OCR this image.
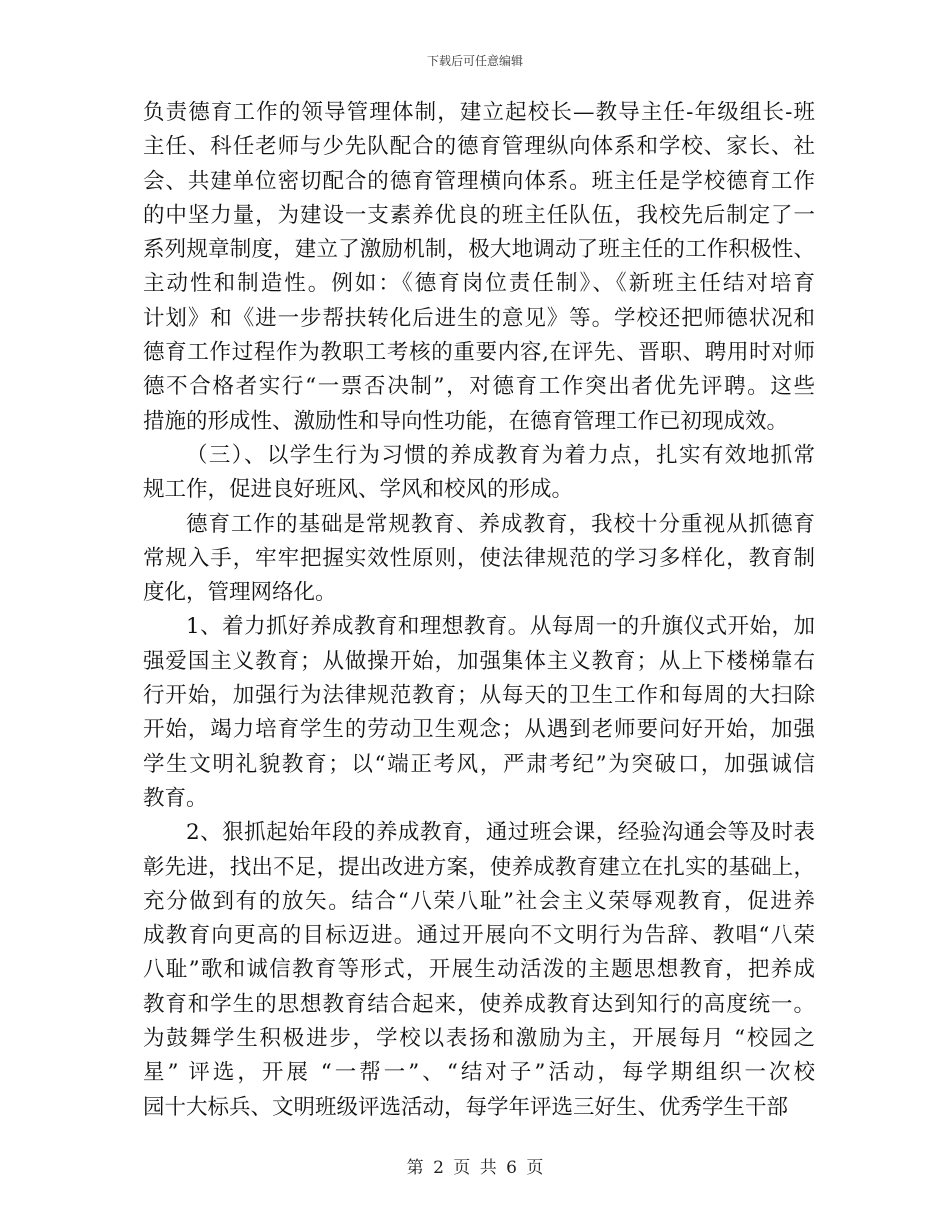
下载后可任意编辑
负责德育工作的领导管理体制，建立起校长—教导主任-年级组长-班
主任、科任老师与少先队配合的德育管理纵向体系和学校、家长、社
会、共建单位密切配合的德育管理横向体系。班主任是学校德育工作
的中坚力量，为建设一支素养优良的班主任队伍，我校先后制定了一
系列规章制度，建立了激励机制，极大地调动了班主任的工作积极性、
主动性和制造性。例如：《德育岗位责任制》、《新班主任结对培育
计划》和《进一步帮扶转化后进生的意见》等。学校还把师德状况和
德育工作过程作为教职工考核的重要内容,在评先、晋职、聘用时对师
德不合格者实行“一票否决制”，对德育工作突出者优先评聘。这些
措施的形成性、激励性和导向性功能，在德育管理工作已初现成效。
（三）、以学生行为习惯的养成教育为着力点，扎实有效地抓常
规工作，促进良好班风、学风和校风的形成。
德育工作的基础是常规教育、养成教育，我校十分重视从抓德育
常规入手，牢牢把握实效性原则，使法律规范的学习多样化，教育制
度化，管理网络化。
1、着力抓好养成教育和理想教育。从每周一的升旗仪式开始，加
强爱国主义教育；从做操开始，加强集体主义教育；从上下楼梯靠右
行开始，加强行为法律规范教育；从每天的卫生工作和每周的大扫除
开始，竭力培育学生的劳动卫生观念；从遇到老师要问好开始，加强
学生文明礼貌教育；以“端正考风，严肃考纪”为突破口，加强诚信
教育。
2、狠抓起始年段的养成教育，通过班会课，经验沟通会等及时表
彰先进，找出不足，提出改进方案，使养成教育建立在扎实的基础上，
充分做到有的放矢。结合“八荣八耻”社会主义荣辱观教育，促进养
成教育向更高的目标迈进。通过开展向不文明行为告辞、教唱“八荣
八耻”歌和诚信教育等形式，开展生动活泼的主题思想教育，把养成
教育和学生的思想教育结合起来，使养成教育达到知行的高度统一。
为鼓舞学生积极进步，学校以表扬和激励为主，开展每月 “校园之
星” 评选，开展 “一帮一”、“结对子”活动，每学期组织一次校
园十大标兵、文明班级评选活动，每学年评选三好生、优秀学生干部
第 2 页 共 6 页
